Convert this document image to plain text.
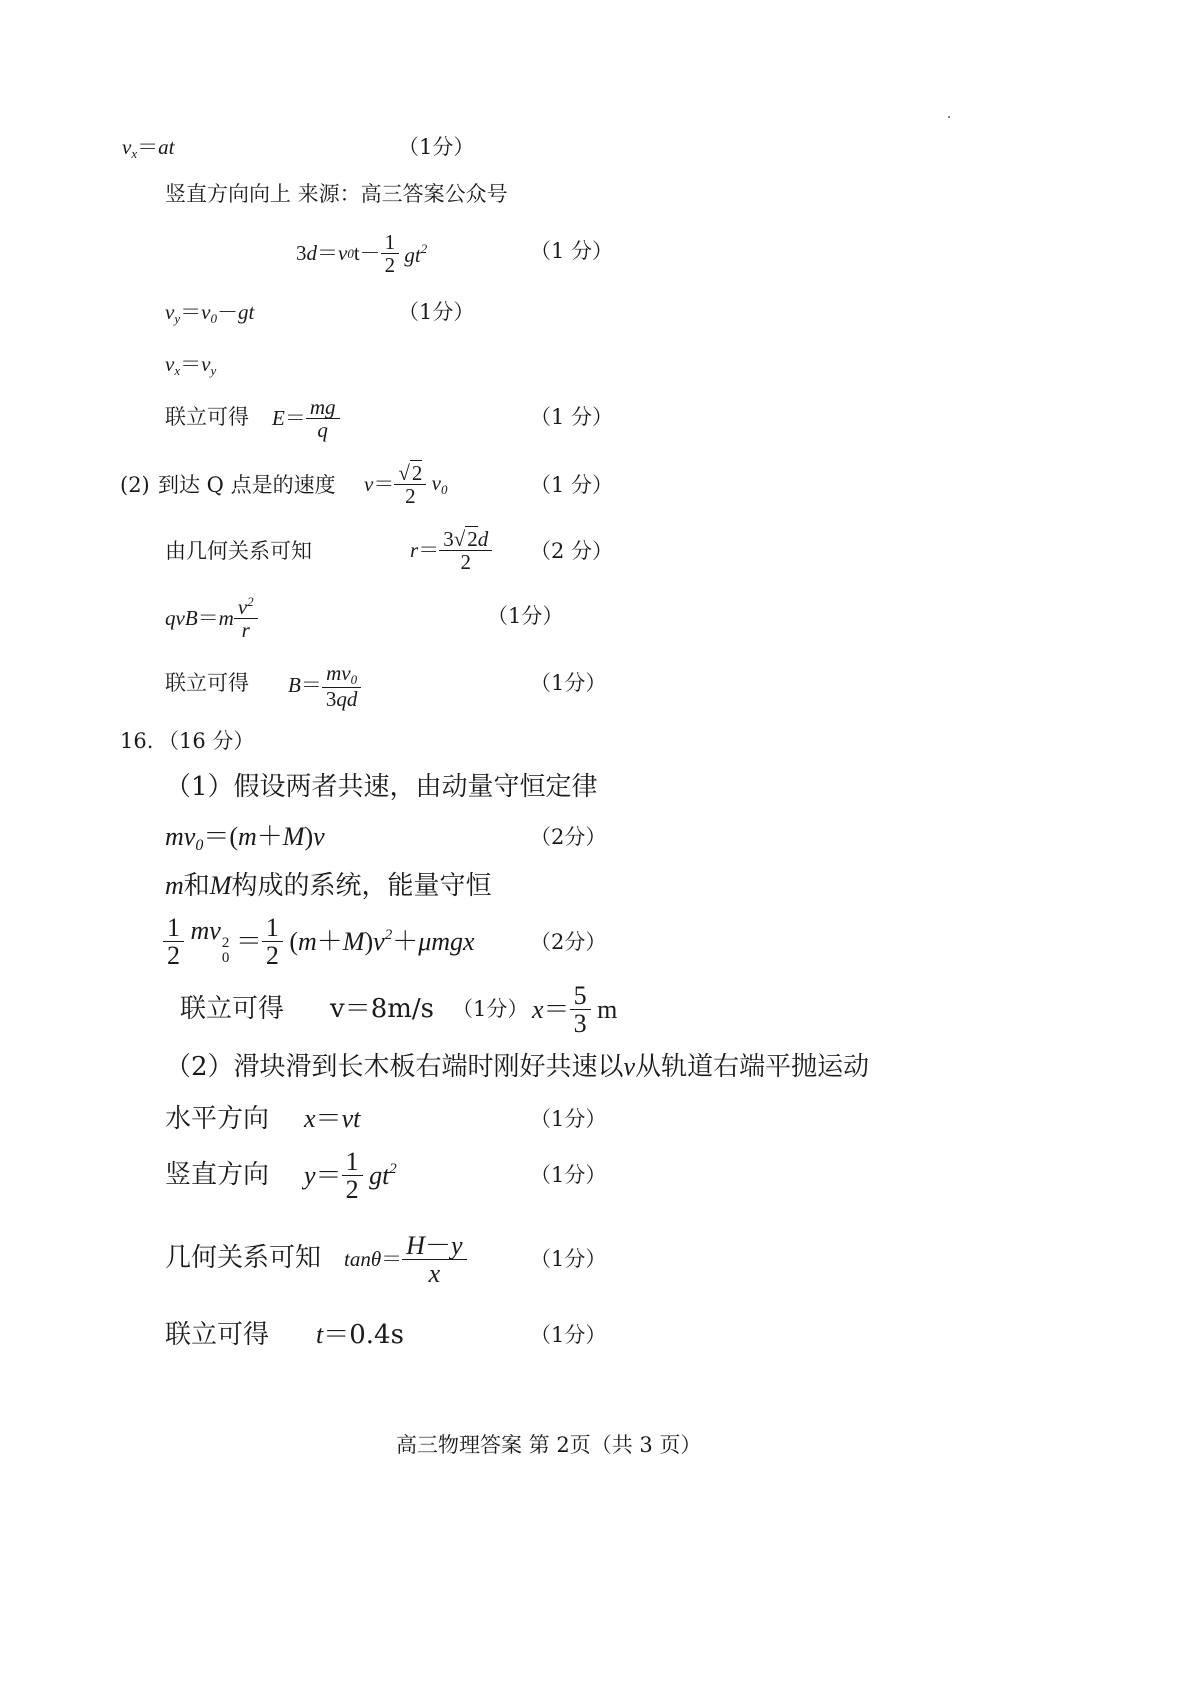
$v_x=at$	（1分）
竖直方向向上 来源：高三答案公众号
3 d ＝ v 0 $t- \frac{1}{2} gt^2$	（1 分）
$v_y=v_0-gt$	（1分）
$v_x=v_y$
联立可得 $E = \frac{mg}{q}$	（1 分）
(2) 到达 Q 点是的速度 $v = \frac{√2}{2} v_0$	（1 分）
由几何关系可知	$r = \frac{3√2d}{2} (2$ 分）
qvB ＝ m $\frac{v^2}{r}$	（1分）
联立可得 $B = \frac{mv_0}{3qd}$	（1分）
16. （16 分）
（1）假设两者共速，由动量守恒定律
$mv_0=(m+M)v$	（2分）
m和M构成的系统，能量守恒
$\frac{1}{2}$ mv 2
0
＝ $\frac{1}{2} (m+M)v^2+\mu mgx$	（2分）
联立可得 v＝8m/s （1分） $x = \frac{5}{3}$
m
（2）滑块滑到长木板右端时刚好共速以v从轨道右端平抛运动
水平方向 x＝vt	（1分）
竖直方向 $y = \frac{1}{2} gt^2$	（1分）
几何关系可知 $\tan \theta = \frac{H-y}{x}$	（1分）
联立可得 t＝0.4s	（1分）
高三物理答案 第 2页（共 3 页）
